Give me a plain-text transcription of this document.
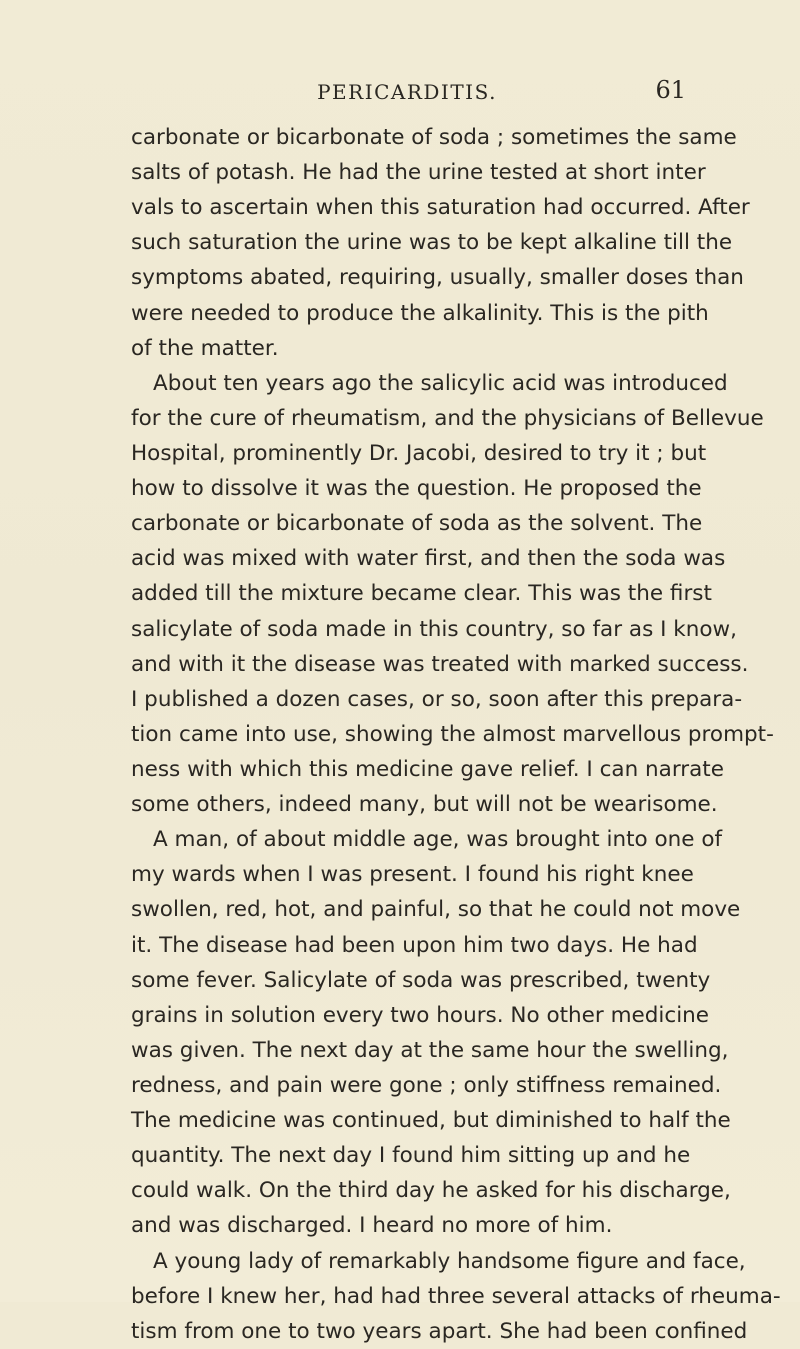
PERICARDITIS.	61
carbonate or bicarbonate of soda ; sometimes the same
salts of potash. He had the urine tested at short inter
vals to ascertain when this saturation had occurred. After
such saturation the urine was to be kept alkaline till the
symptoms abated, requiring, usually, smaller doses than
were needed to produce the alkalinity. This is the pith
of the matter.
About ten years ago the salicylic acid was introduced
for the cure of rheumatism, and the physicians of Bellevue
Hospital, prominently Dr. Jacobi, desired to try it ; but
how to dissolve it was the question. He proposed the
carbonate or bicarbonate of soda as the solvent. The
acid was mixed with water first, and then the soda was
added till the mixture became clear. This was the first
salicylate of soda made in this country, so far as I know,
and with it the disease was treated with marked success.
I published a dozen cases, or so, soon after this prepara-
tion came into use, showing the almost marvellous prompt-
ness with which this medicine gave relief. I can narrate
some others, indeed many, but will not be wearisome.
A man, of about middle age, was brought into one of
my wards when I was present. I found his right knee
swollen, red, hot, and painful, so that he could not move
it. The disease had been upon him two days. He had
some fever. Salicylate of soda was prescribed, twenty
grains in solution every two hours. No other medicine
was given. The next day at the same hour the swelling,
redness, and pain were gone ; only stiffness remained.
The medicine was continued, but diminished to half the
quantity. The next day I found him sitting up and he
could walk. On the third day he asked for his discharge,
and was discharged. I heard no more of him.
A young lady of remarkably handsome figure and face,
before I knew her, had had three several attacks of rheuma-
tism from one to two years apart. She had been confined
